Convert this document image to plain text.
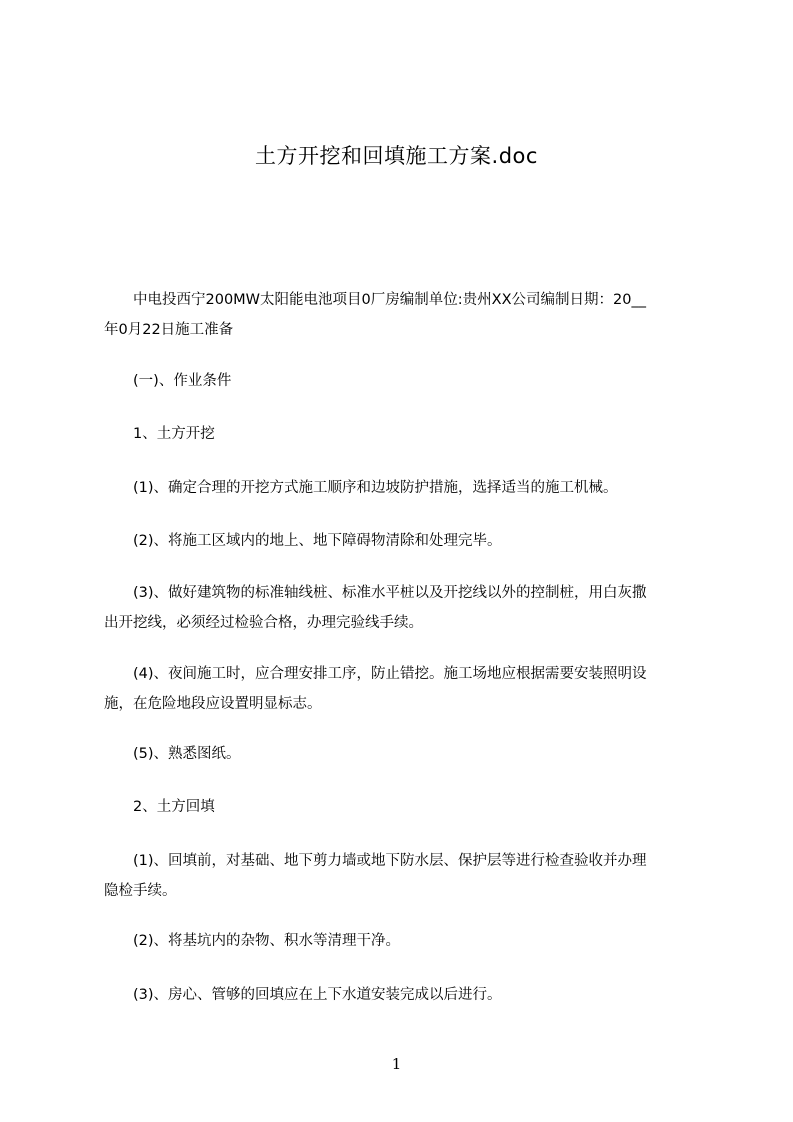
土方开挖和回填施工方案.doc
　　中电投西宁200MW太阳能电池项目0厂房编制单位:贵州XX公司编制日期：20__
年0月22日施工准备
　　(一)、作业条件
　　1、土方开挖
　　(1)、确定合理的开挖方式施工顺序和边坡防护措施，选择适当的施工机械。
　　(2)、将施工区域内的地上、地下障碍物清除和处理完毕。
　　(3)、做好建筑物的标准轴线桩、标准水平桩以及开挖线以外的控制桩，用白灰撒
出开挖线，必须经过检验合格，办理完验线手续。
　　(4)、夜间施工时，应合理安排工序，防止错挖。施工场地应根据需要安装照明设
施，在危险地段应设置明显标志。
　　(5)、熟悉图纸。
　　2、土方回填
　　(1)、回填前，对基础、地下剪力墙或地下防水层、保护层等进行检查验收并办理
隐检手续。
　　(2)、将基坑内的杂物、积水等清理干净。
　　(3)、房心、管够的回填应在上下水道安装完成以后进行。
1
